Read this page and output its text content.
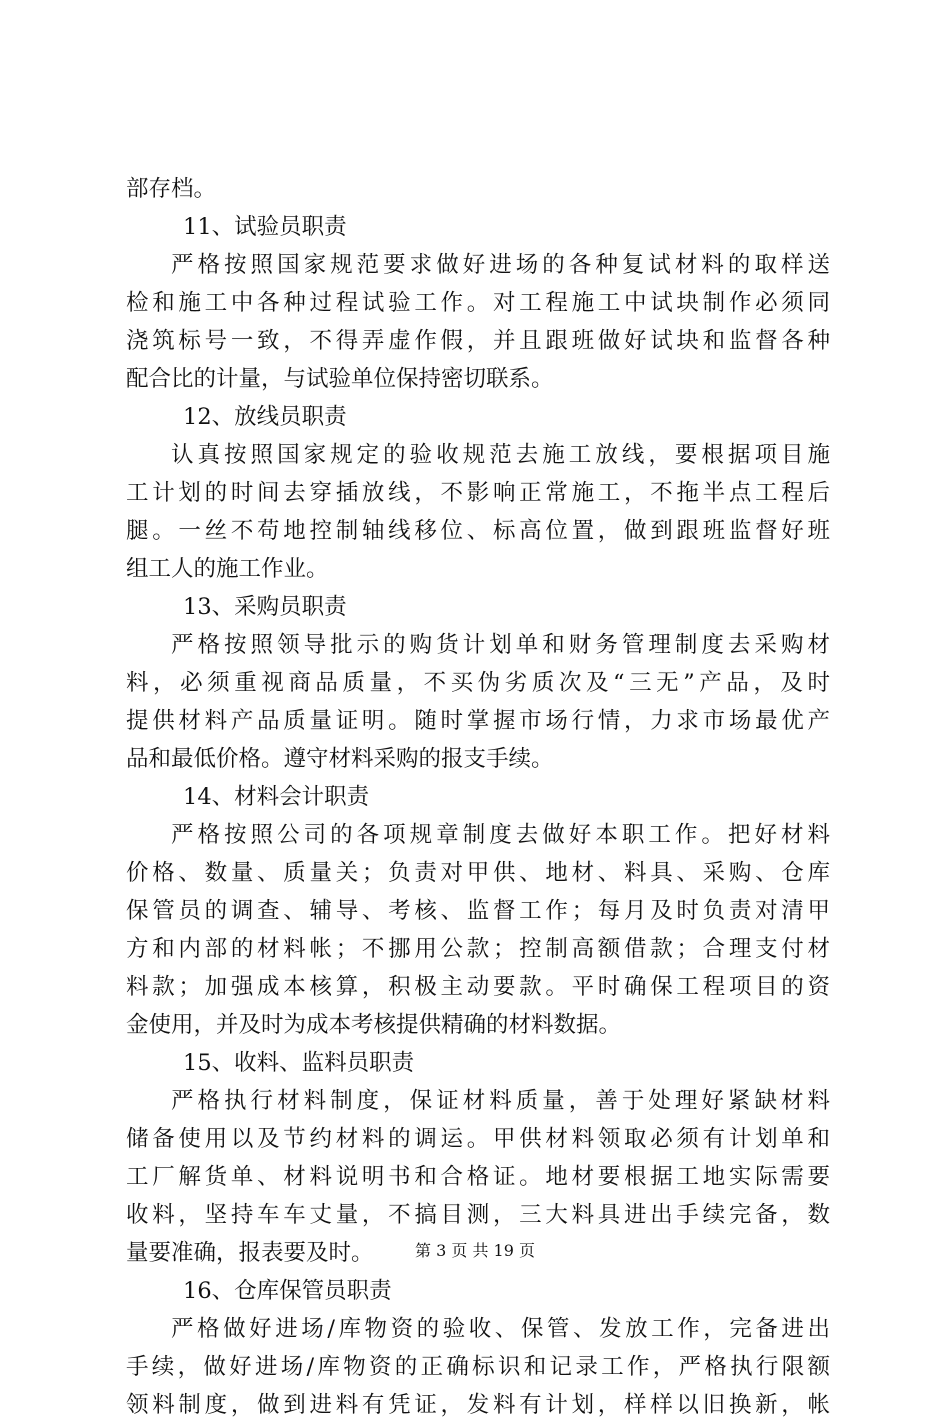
部存档。
11、试验员职责
严格按照国家规范要求做好进场的各种复试材料的取样送
检和施工中各种过程试验工作。对工程施工中试块制作必须同
浇筑标号一致，不得弄虚作假，并且跟班做好试块和监督各种
配合比的计量，与试验单位保持密切联系。
12、放线员职责
认真按照国家规定的验收规范去施工放线，要根据项目施
工计划的时间去穿插放线，不影响正常施工，不拖半点工程后
腿。一丝不苟地控制轴线移位、标高位置，做到跟班监督好班
组工人的施工作业。
13、采购员职责
严格按照领导批示的购货计划单和财务管理制度去采购材
料，必须重视商品质量，不买伪劣质次及“三无”产品，及时
提供材料产品质量证明。随时掌握市场行情，力求市场最优产
品和最低价格。遵守材料采购的报支手续。
14、材料会计职责
严格按照公司的各项规章制度去做好本职工作。把好材料
价格、数量、质量关；负责对甲供、地材、料具、采购、仓库
保管员的调查、辅导、考核、监督工作；每月及时负责对清甲
方和内部的材料帐；不挪用公款；控制高额借款；合理支付材
料款；加强成本核算，积极主动要款。平时确保工程项目的资
金使用，并及时为成本考核提供精确的材料数据。
15、收料、监料员职责
严格执行材料制度，保证材料质量，善于处理好紧缺材料
储备使用以及节约材料的调运。甲供材料领取必须有计划单和
工厂解货单、材料说明书和合格证。地材要根据工地实际需要
收料，坚持车车丈量，不搞目测，三大料具进出手续完备，数
量要准确，报表要及时。
16、仓库保管员职责
严格做好进场/库物资的验收、保管、发放工作，完备进出
手续，做好进场/库物资的正确标识和记录工作，严格执行限额
领料制度，做到进料有凭证，发料有计划，样样以旧换新，帐
第 3 页 共 19 页
